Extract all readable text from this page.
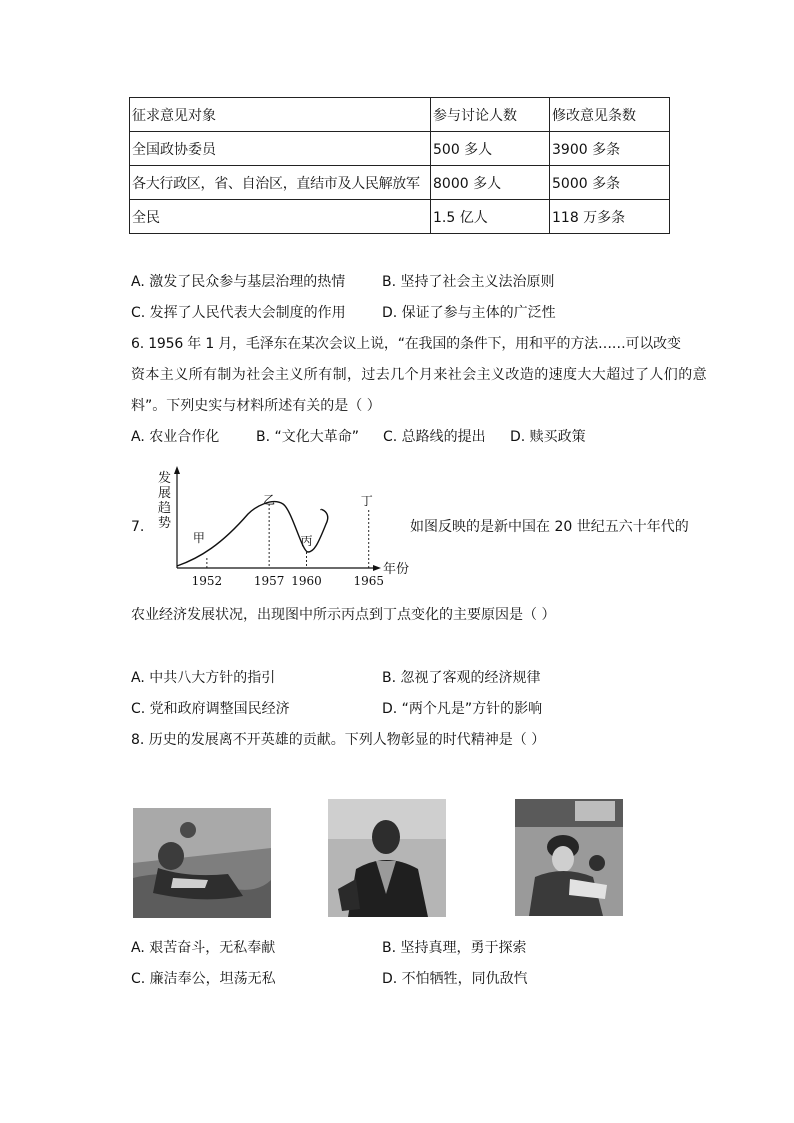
征求意见对象	参与讨论人数	修改意见条数
全国政协委员	500 多人	3900 多条
各大行政区，省、自治区，直结市及人民解放军	8000 多人	5000 多条
全民	1.5 亿人	118 万多条
A. 激发了民众参与基层治理的热情	B. 坚持了社会主义法治原则
C. 发挥了人民代表大会制度的作用	D. 保证了参与主体的广泛性
6. 1956 年 1 月，毛泽东在某次会议上说，“在我国的条件下，用和平的方法……可以改变
资本主义所有制为社会主义所有制，过去几个月来社会主义改造的速度大大超过了人们的意
料”。下列史实与材料所述有关的是（ ）
A. 农业合作化	B. “文化大革命” C. 总路线的提出 D. 赎买政策
7.
发展趋势
年份
1952
甲
1957
乙
1960
丙
1965
丁
如图反映的是新中国在 20 世纪五六十年代的
农业经济发展状况，出现图中所示丙点到丁点变化的主要原因是（ ）
A. 中共八大方针的指引	B. 忽视了客观的经济规律
C. 党和政府调整国民经济	D. “两个凡是”方针的影响
8. 历史的发展离不开英雄的贡献。下列人物彰显的时代精神是（ ）
A. 艰苦奋斗，无私奉献	B. 坚持真理，勇于探索
C. 廉洁奉公，坦荡无私	D. 不怕牺牲，同仇敌忾
